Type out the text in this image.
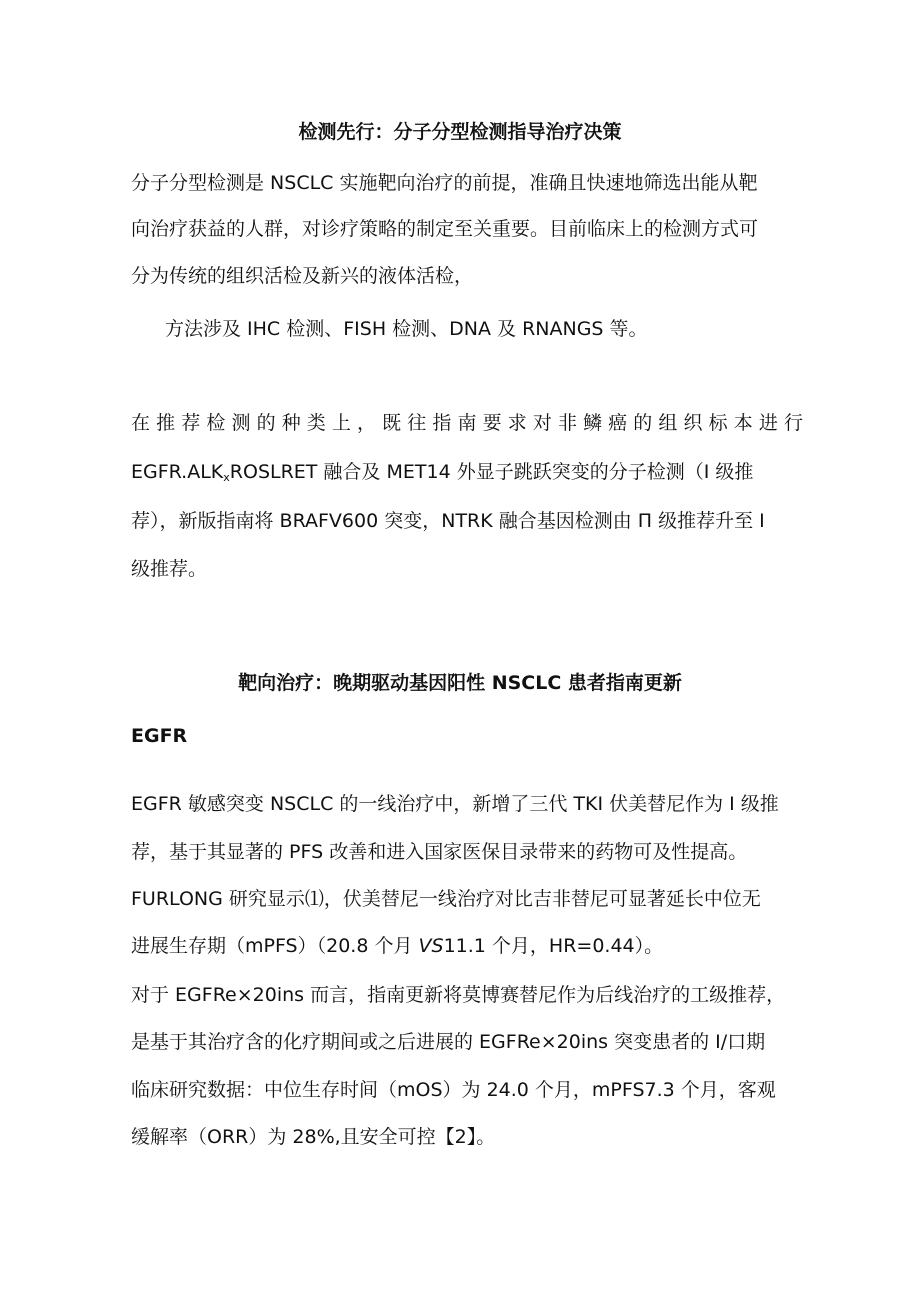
检测先行：分子分型检测指导治疗决策
分子分型检测是 NSCLC 实施靶向治疗的前提，准确且快速地筛选出能从靶
向治疗获益的人群，对诊疗策略的制定至关重要。目前临床上的检测方式可
分为传统的组织活检及新兴的液体活检，
方法涉及 IHC 检测、FISH 检测、DNA 及 RNANGS 等。
在推荐检测的种类上，既往指南要求对非鳞癌的组织标本进行
$EGFR.ALK_xROSLRET$ 融合及 MET14 外显子跳跃突变的分子检测（I 级推
荐），新版指南将 BRAFV600 突变，NTRK 融合基因检测由 Π 级推荐升至 I
级推荐。
靶向治疗：晚期驱动基因阳性 NSCLC 患者指南更新
EGFR
EGFR 敏感突变 NSCLC 的一线治疗中，新增了三代 TKI 伏美替尼作为 I 级推
荐，基于其显著的 PFS 改善和进入国家医保目录带来的药物可及性提高。
FURLONG 研究显示⑴，伏美替尼一线治疗对比吉非替尼可显著延长中位无
进展生存期（mPFS）（20.8 个月 VS11.1 个月，HR=0.44）。
对于 EGFRe×20ins 而言，指南更新将莫博赛替尼作为后线治疗的工级推荐，
是基于其治疗含的化疗期间或之后进展的 EGFRe×20ins 突变患者的 I/口期
临床研究数据：中位生存时间（mOS）为 24.0 个月，mPFS7.3 个月，客观
缓解率（ORR）为 28%,且安全可控【2】。
